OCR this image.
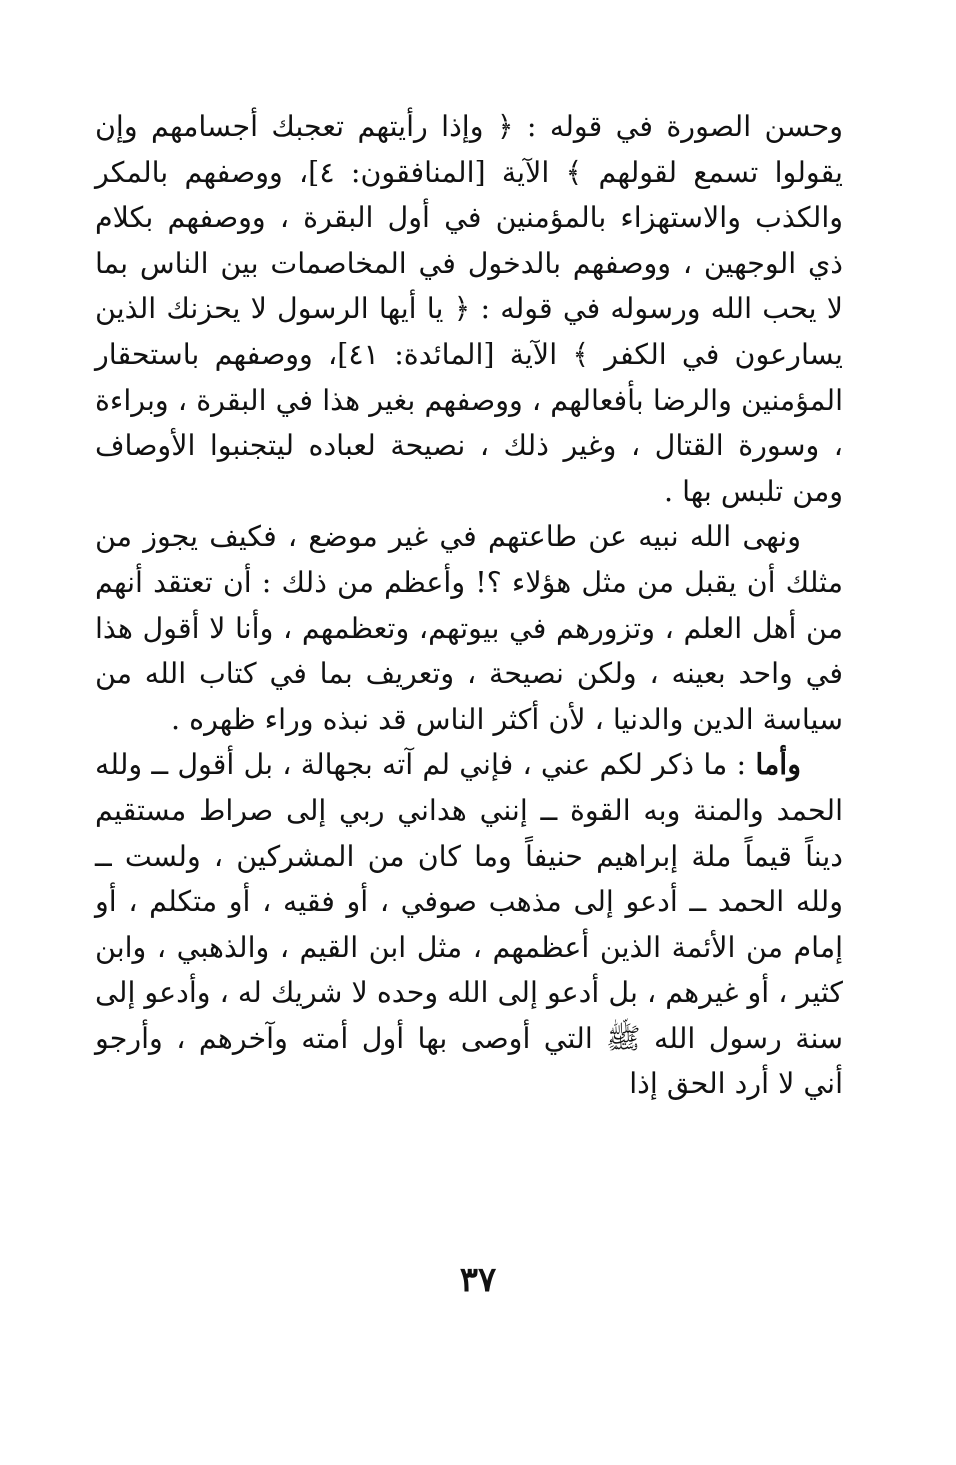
وحسن الصورة في قوله : ﴿ وإذا رأيتهم تعجبك أجسامهم وإن يقولوا تسمع لقولهم ﴾ الآية [المنافقون: ٤]، ووصفهم بالمكر والكذب والاستهزاء بالمؤمنين في أول البقرة ، ووصفهم بكلام ذي الوجهين ، ووصفهم بالدخول في المخاصمات بين الناس بما لا يحب الله ورسوله في قوله : ﴿ يا أيها الرسول لا يحزنك الذين يسارعون في الكفر ﴾ الآية [المائدة: ٤١]، ووصفهم باستحقار المؤمنين والرضا بأفعالهم ، ووصفهم بغير هذا في البقرة ، وبراءة ، وسورة القتال ، وغير ذلك ، نصيحة لعباده ليتجنبوا الأوصاف ومن تلبس بها .

ونهى الله نبيه عن طاعتهم في غير موضع ، فكيف يجوز من مثلك أن يقبل من مثل هؤلاء ؟! وأعظم من ذلك : أن تعتقد أنهم من أهل العلم ، وتزورهم في بيوتهم، وتعظمهم ، وأنا لا أقول هذا في واحد بعينه ، ولكن نصيحة ، وتعريف بما في كتاب الله من سياسة الدين والدنيا ، لأن أكثر الناس قد نبذه وراء ظهره .

وأما : ما ذكر لكم عني ، فإني لم آته بجهالة ، بل أقول ــ ولله الحمد والمنة وبه القوة ــ إنني هداني ربي إلى صراط مستقيم ديناً قيماً ملة إبراهيم حنيفاً وما كان من المشركين ، ولست ــ ولله الحمد ــ أدعو إلى مذهب صوفي ، أو فقيه ، أو متكلم ، أو إمام من الأئمة الذين أعظمهم ، مثل ابن القيم ، والذهبي ، وابن كثير ، أو غيرهم ، بل أدعو إلى الله وحده لا شريك له ، وأدعو إلى سنة رسول الله ﷺ التي أوصى بها أول أمته وآخرهم ، وأرجو أني لا أرد الحق إذا

٣٧
